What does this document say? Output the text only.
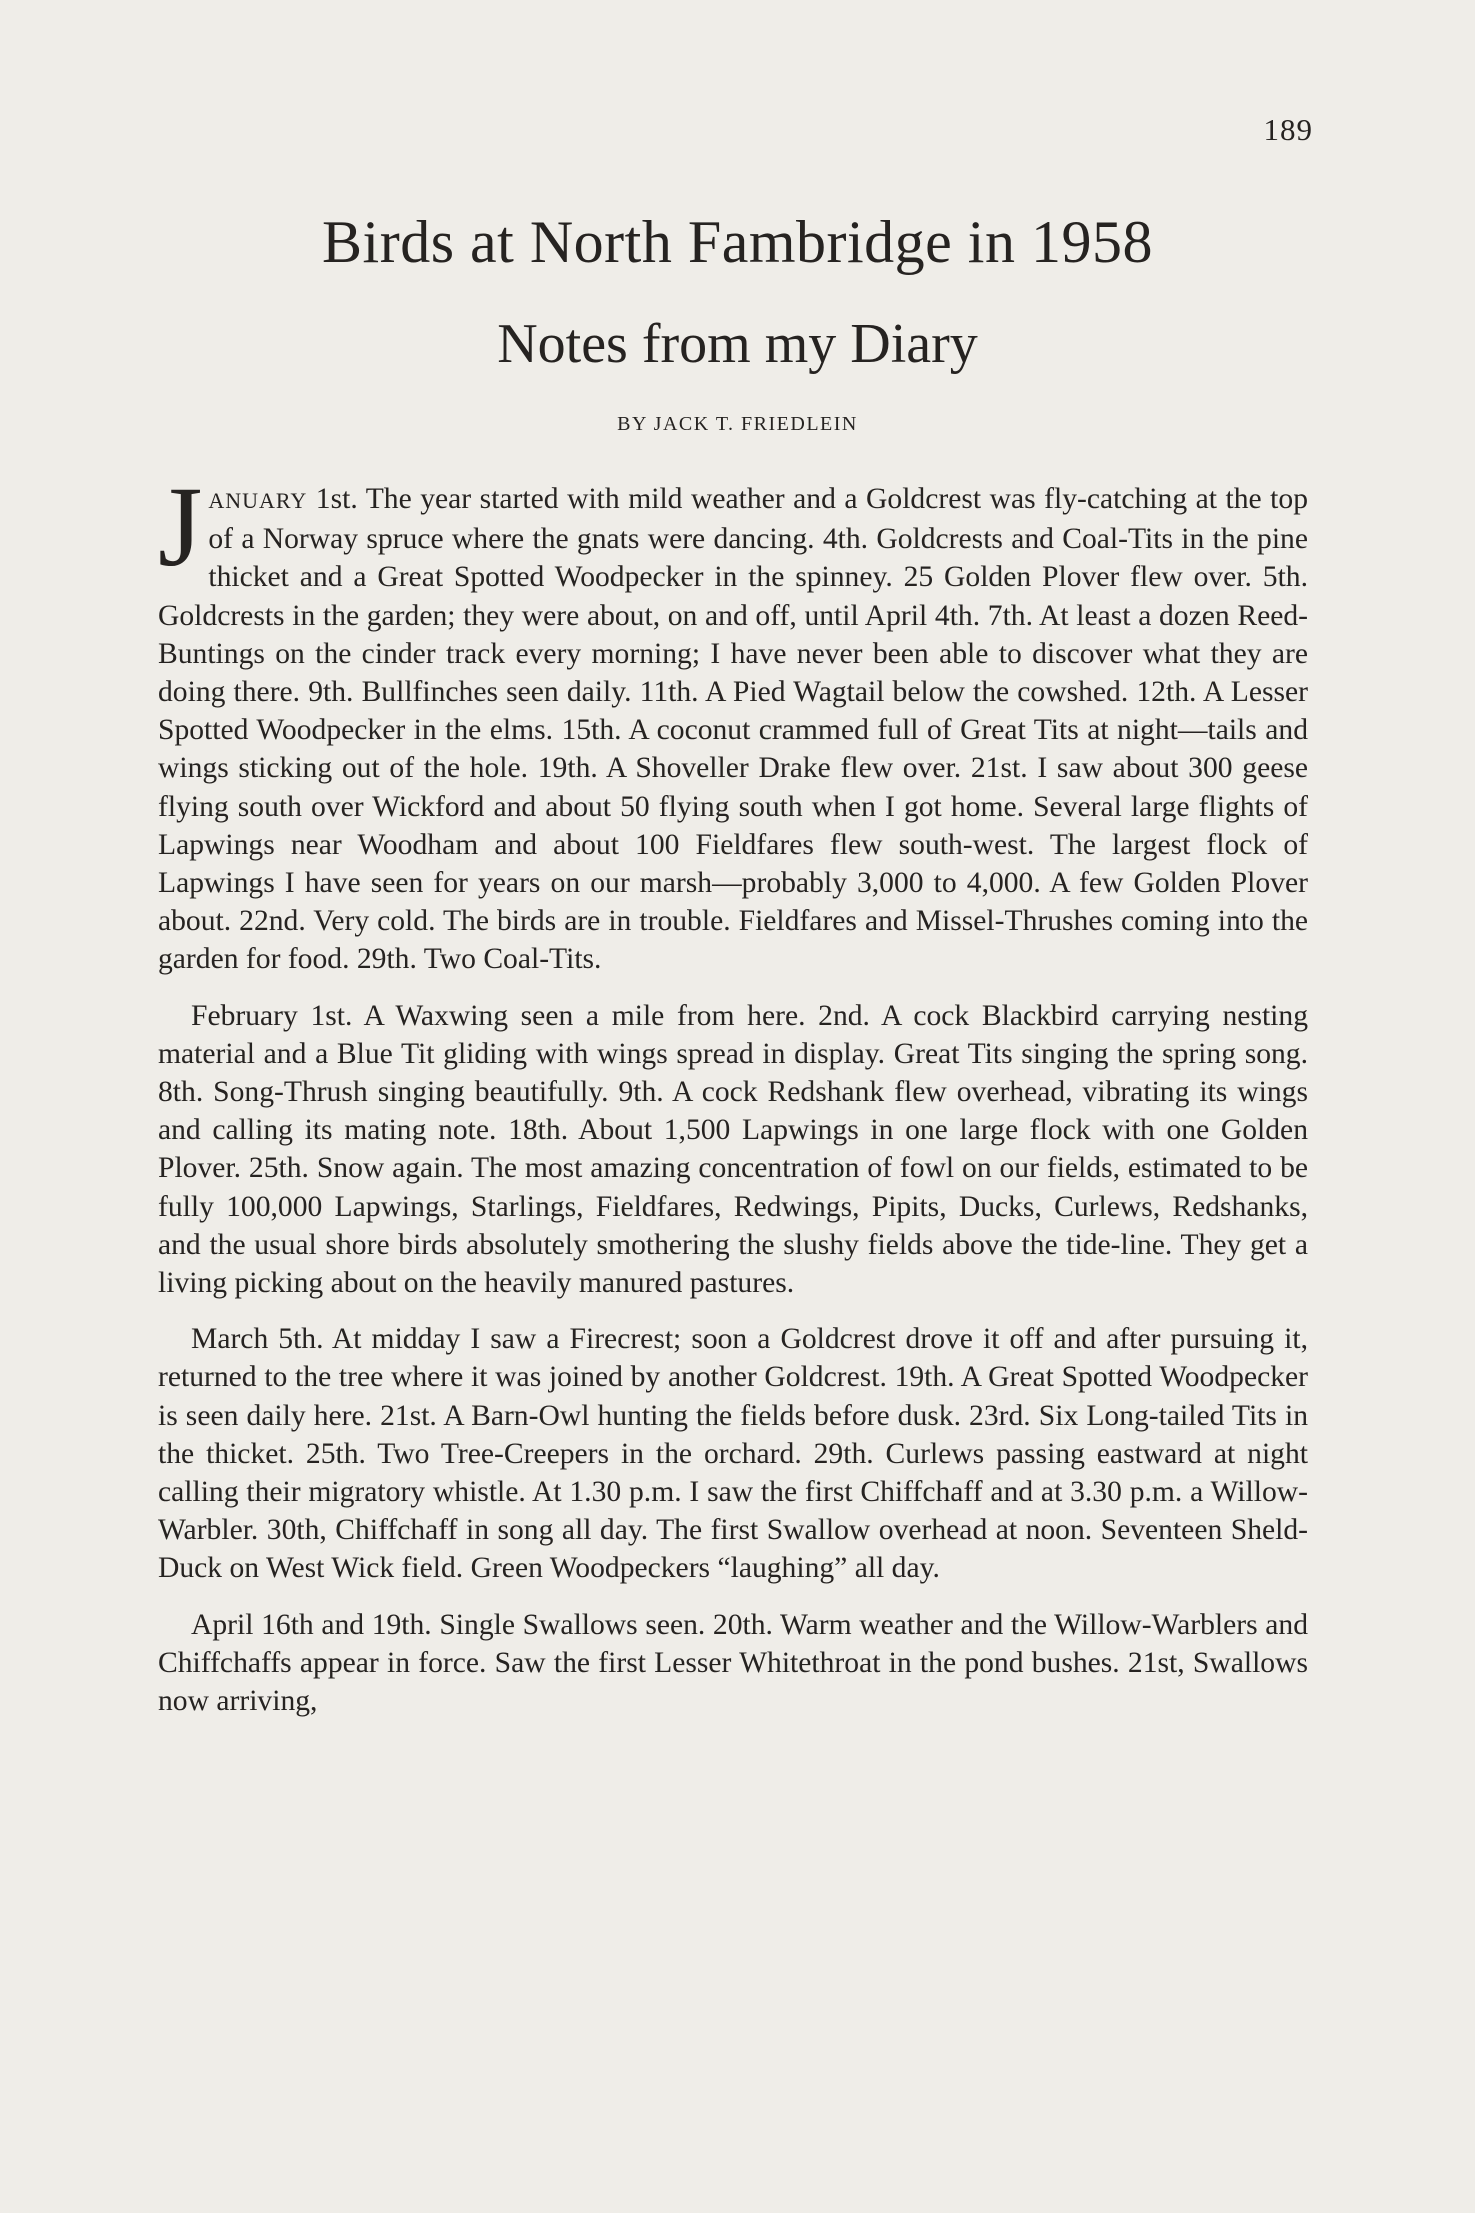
189
Birds at North Fambridge in 1958
Notes from my Diary
BY JACK T. FRIEDLEIN

JANUARY 1st. The year started with mild weather and a Goldcrest was fly-catching at the top of a Norway spruce where the gnats were dancing. 4th. Goldcrests and Coal-Tits in the pine thicket and a Great Spotted Woodpecker in the spinney. 25 Golden Plover flew over. 5th. Goldcrests in the garden; they were about, on and off, until April 4th. 7th. At least a dozen Reed-Buntings on the cinder track every morning; I have never been able to discover what they are doing there. 9th. Bullfinches seen daily. 11th. A Pied Wagtail below the cowshed. 12th. A Lesser Spotted Woodpecker in the elms. 15th. A coconut crammed full of Great Tits at night—tails and wings sticking out of the hole. 19th. A Shoveller Drake flew over. 21st. I saw about 300 geese flying south over Wickford and about 50 flying south when I got home. Several large flights of Lapwings near Woodham and about 100 Fieldfares flew south-west. The largest flock of Lapwings I have seen for years on our marsh—probably 3,000 to 4,000. A few Golden Plover about. 22nd. Very cold. The birds are in trouble. Fieldfares and Missel-Thrushes coming into the garden for food. 29th. Two Coal-Tits.

February 1st. A Waxwing seen a mile from here. 2nd. A cock Blackbird carrying nesting material and a Blue Tit gliding with wings spread in display. Great Tits singing the spring song. 8th. Song-Thrush singing beautifully. 9th. A cock Redshank flew overhead, vibrating its wings and calling its mating note. 18th. About 1,500 Lapwings in one large flock with one Golden Plover. 25th. Snow again. The most amazing concentration of fowl on our fields, estimated to be fully 100,000 Lapwings, Starlings, Fieldfares, Redwings, Pipits, Ducks, Curlews, Redshanks, and the usual shore birds absolutely smothering the slushy fields above the tide-line. They get a living picking about on the heavily manured pastures.

March 5th. At midday I saw a Firecrest; soon a Goldcrest drove it off and after pursuing it, returned to the tree where it was joined by another Goldcrest. 19th. A Great Spotted Woodpecker is seen daily here. 21st. A Barn-Owl hunting the fields before dusk. 23rd. Six Long-tailed Tits in the thicket. 25th. Two Tree-Creepers in the orchard. 29th. Curlews passing eastward at night calling their migratory whistle. At 1.30 p.m. I saw the first Chiffchaff and at 3.30 p.m. a Willow-Warbler. 30th, Chiffchaff in song all day. The first Swallow overhead at noon. Seventeen Sheld-Duck on West Wick field. Green Woodpeckers “laughing” all day.

April 16th and 19th. Single Swallows seen. 20th. Warm weather and the Willow-Warblers and Chiffchaffs appear in force. Saw the first Lesser Whitethroat in the pond bushes. 21st, Swallows now arriving,
